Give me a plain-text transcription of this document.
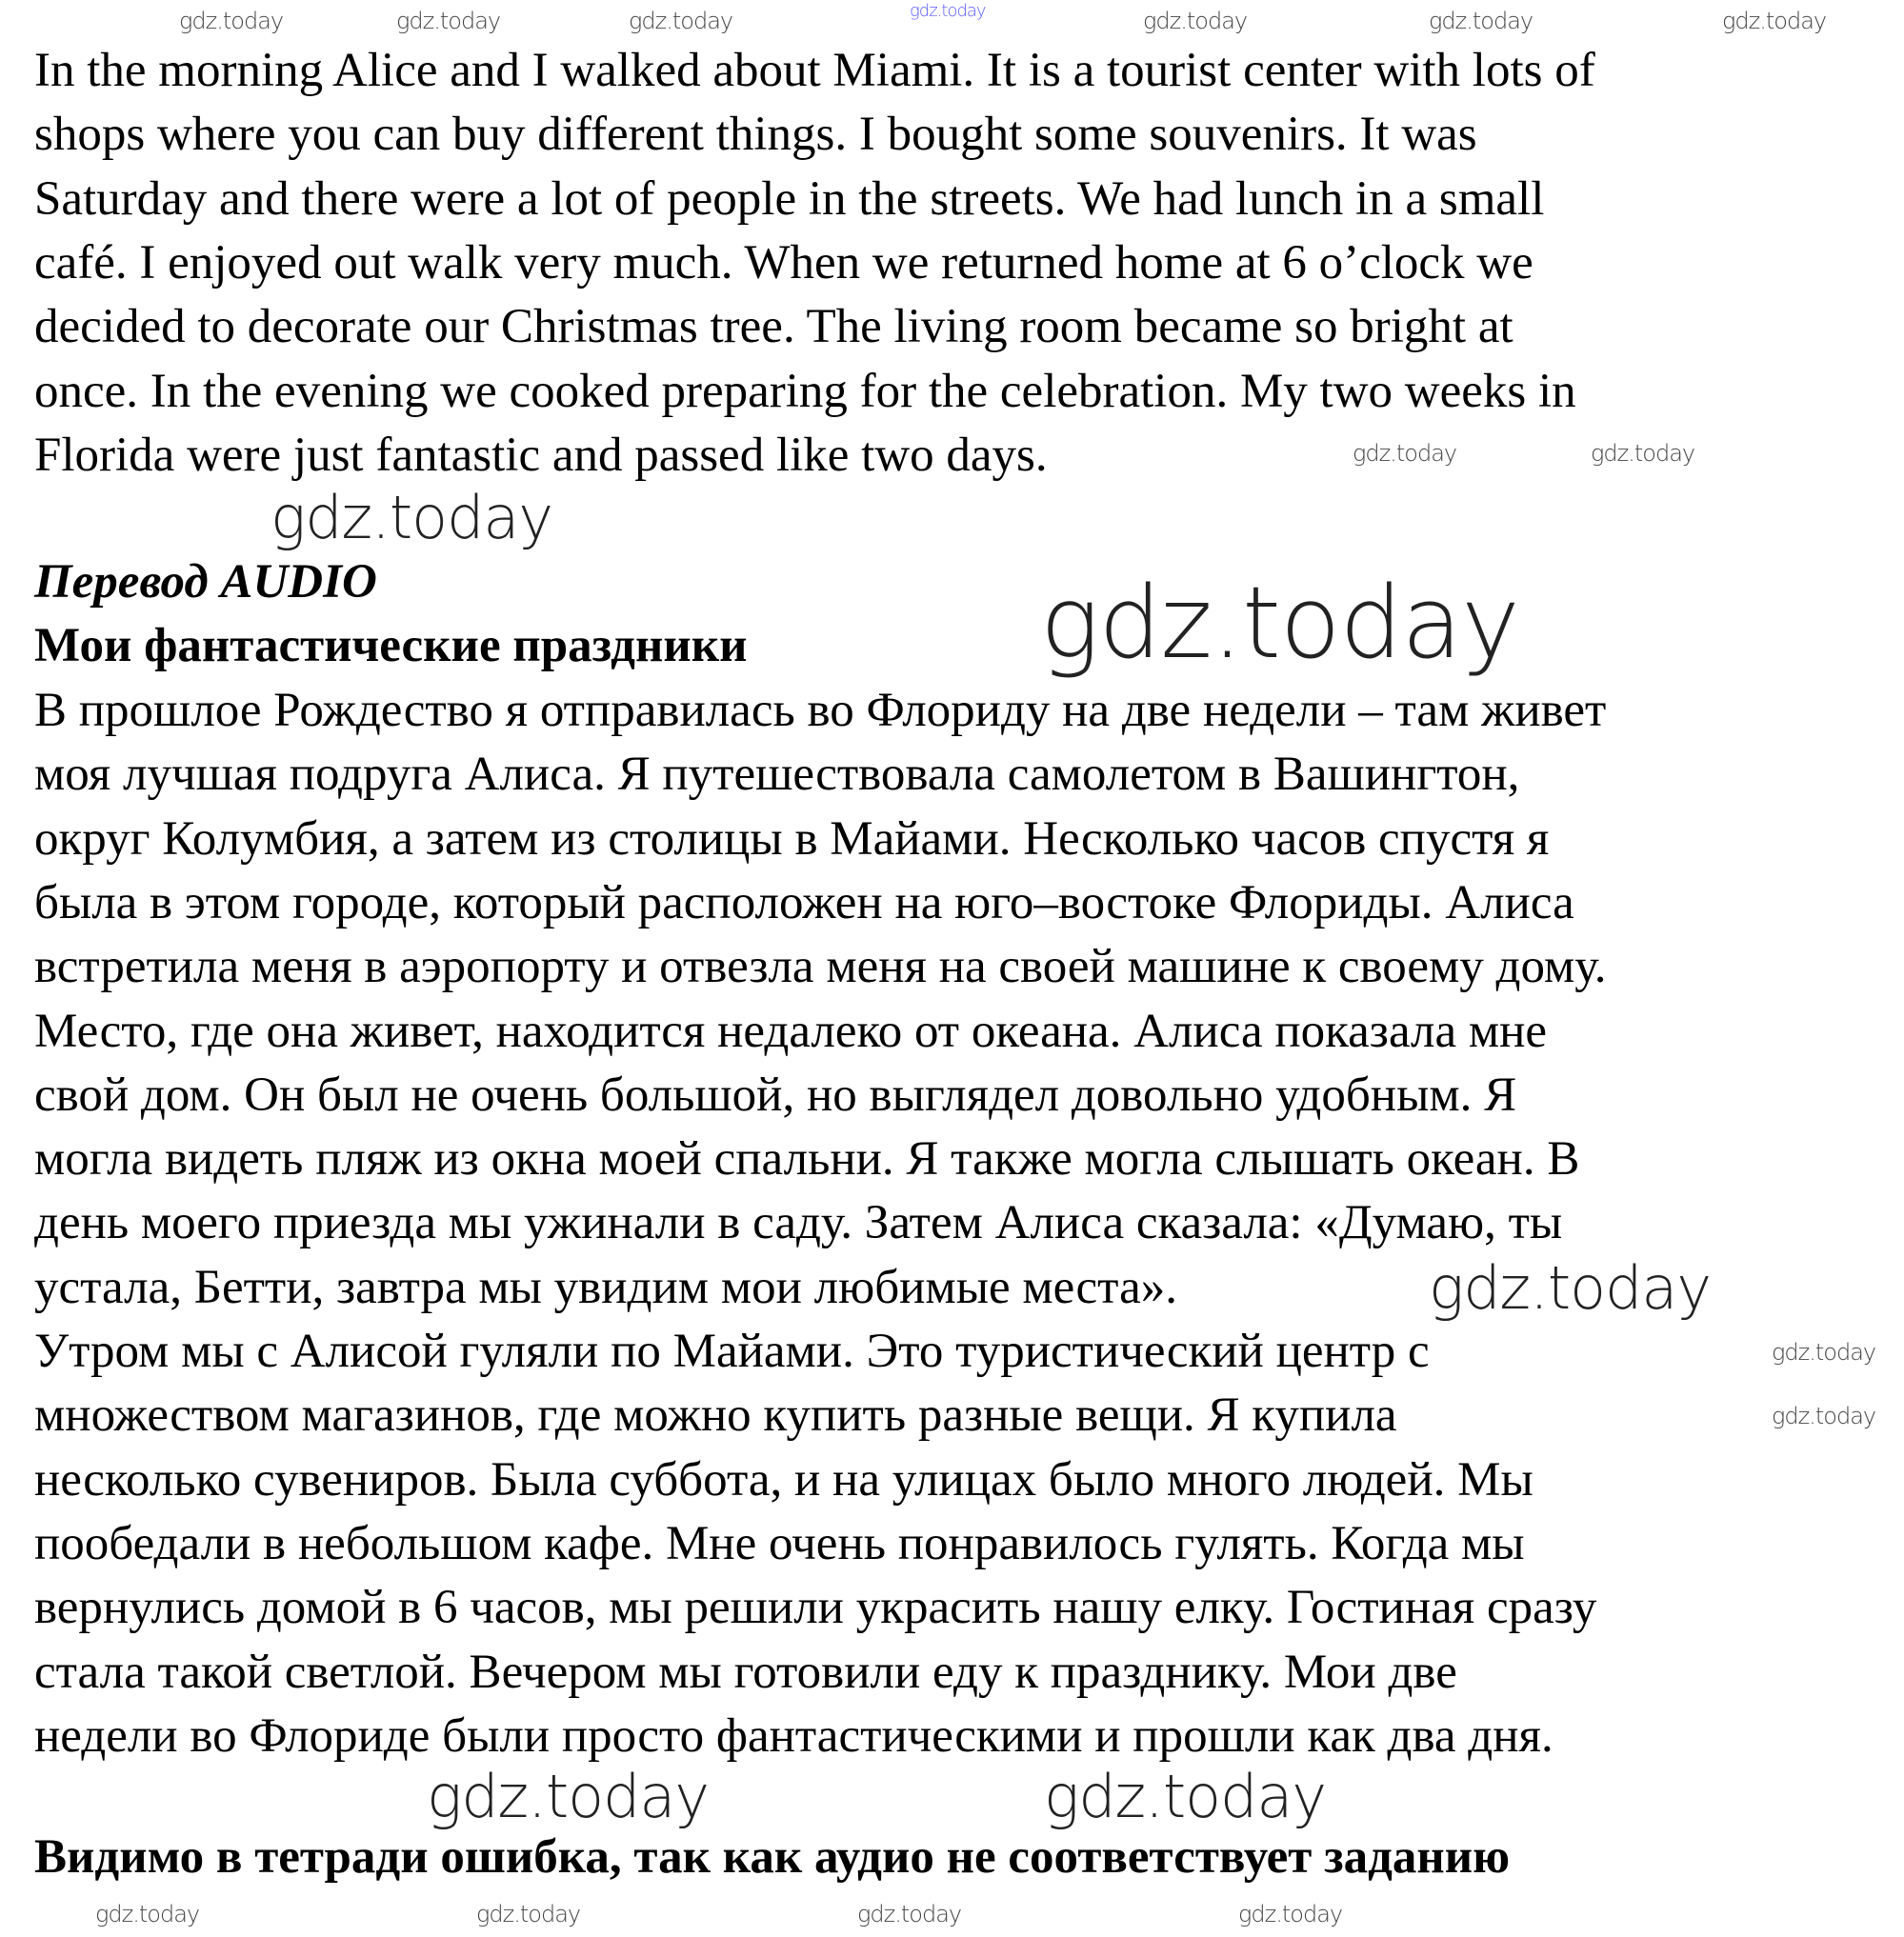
In the morning Alice and I walked about Miami. It is a tourist center with lots of
shops where you can buy different things. I bought some souvenirs. It was
Saturday and there were a lot of people in the streets. We had lunch in a small
café. I enjoyed out walk very much. When we returned home at 6 o’clock we
decided to decorate our Christmas tree. The living room became so bright at
once. In the evening we cooked preparing for the celebration. My two weeks in
Florida were just fantastic and passed like two days.
Перевод AUDIO
Мои фантастические праздники
В прошлое Рождество я отправилась во Флориду на две недели – там живет
моя лучшая подруга Алиса. Я путешествовала самолетом в Вашингтон,
округ Колумбия, а затем из столицы в Майами. Несколько часов спустя я
была в этом городе, который расположен на юго–востоке Флориды. Алиса
встретила меня в аэропорту и отвезла меня на своей машине к своему дому.
Место, где она живет, находится недалеко от океана. Алиса показала мне
свой дом. Он был не очень большой, но выглядел довольно удобным. Я
могла видеть пляж из окна моей спальни. Я также могла слышать океан. В
день моего приезда мы ужинали в саду. Затем Алиса сказала: «Думаю, ты
устала, Бетти, завтра мы увидим мои любимые места».
Утром мы с Алисой гуляли по Майами. Это туристический центр с
множеством магазинов, где можно купить разные вещи. Я купила
несколько сувениров. Была суббота, и на улицах было много людей. Мы
пообедали в небольшом кафе. Мне очень понравилось гулять. Когда мы
вернулись домой в 6 часов, мы решили украсить нашу елку. Гостиная сразу
стала такой светлой. Вечером мы готовили еду к празднику. Мои две
недели во Флориде были просто фантастическими и прошли как два дня.
Видимо в тетради ошибка, так как аудио не соответствует заданию
gdz.today
gdz.today	gdz.today	gdz.today	gdz.today	gdz.today	gdz.today
gdz.today	gdz.today
gdz.today
gdz.today
gdz.today
gdz.today
gdz.today
gdz.today	gdz.today
gdz.today	gdz.today	gdz.today	gdz.today
